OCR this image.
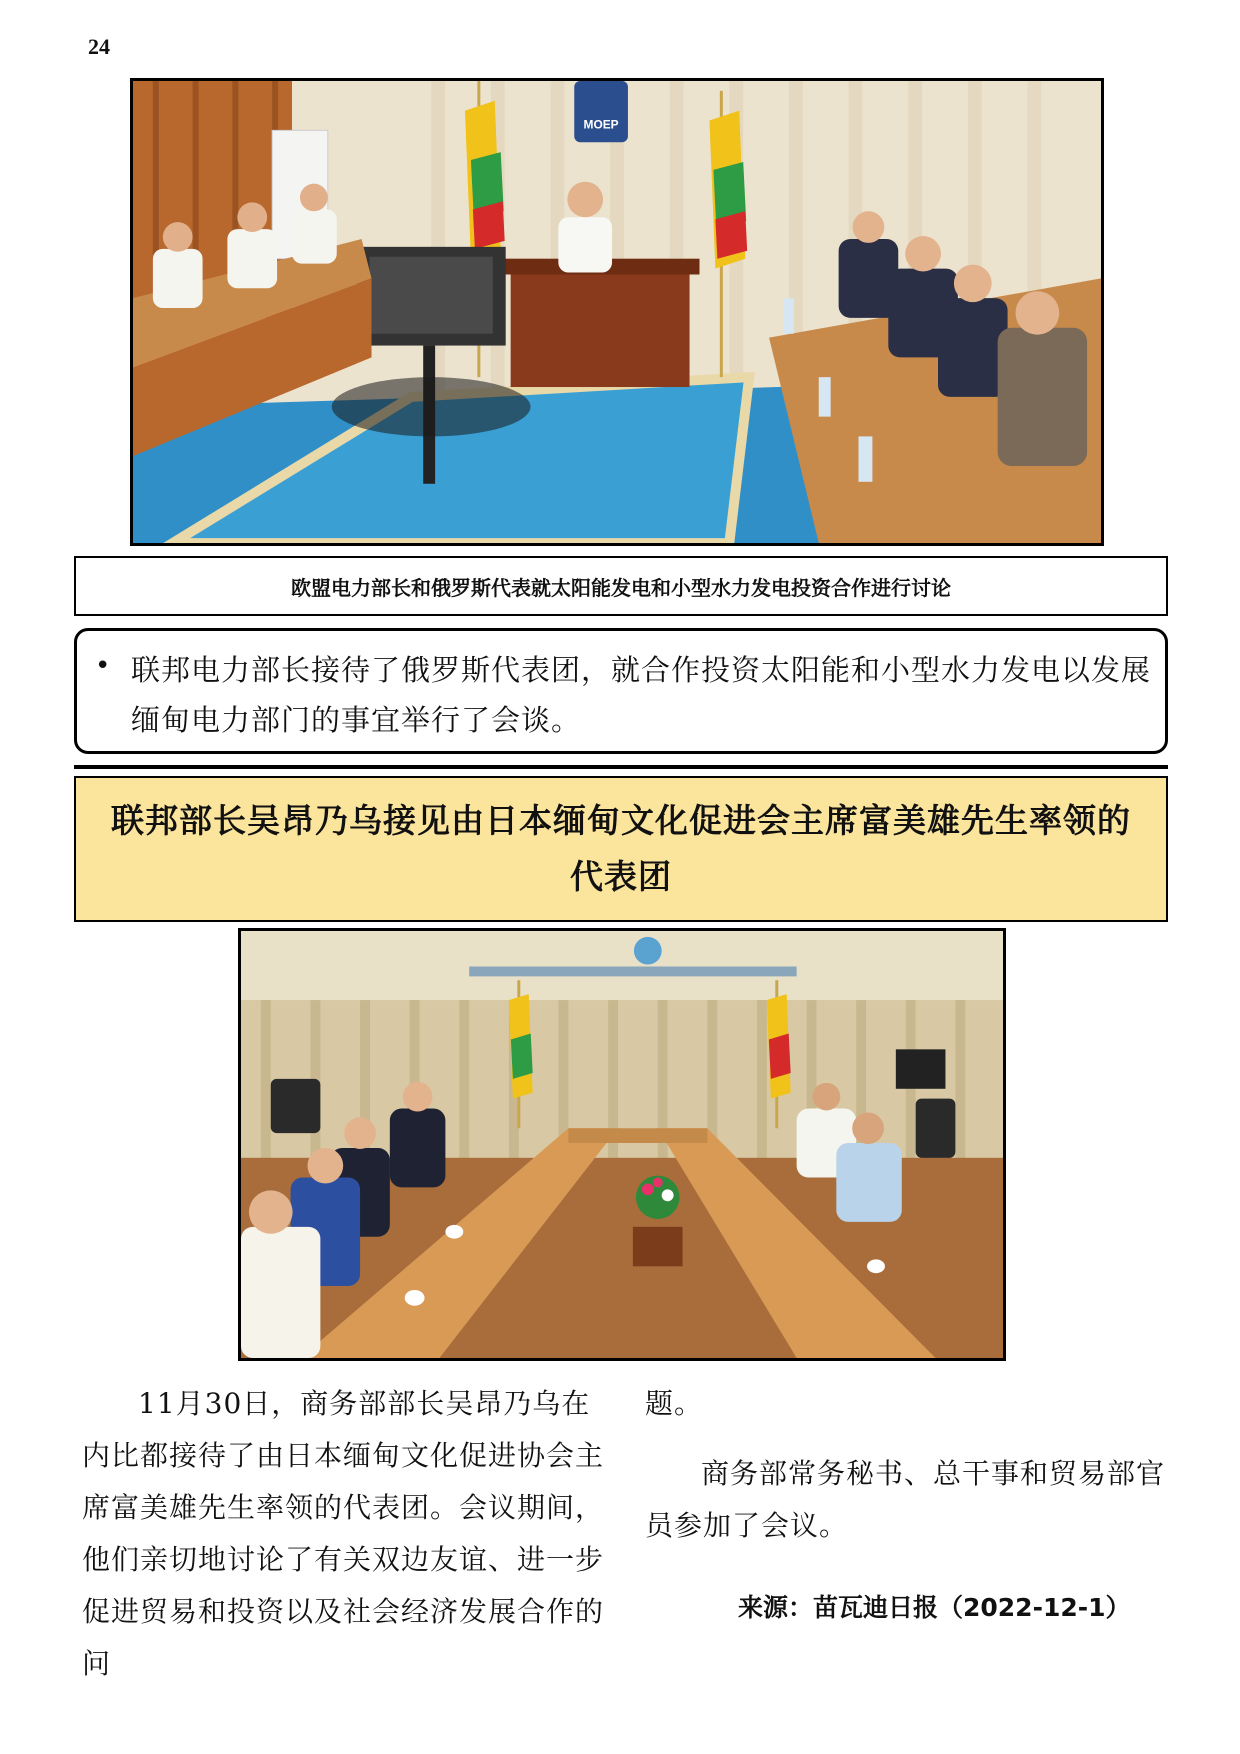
24
MOEP
欧盟电力部长和俄罗斯代表就太阳能发电和小型水力发电投资合作进行讨论
• 联邦电力部长接待了俄罗斯代表团，就合作投资太阳能和小型水力发电以发展缅甸电力部门的事宜举行了会谈。
联邦部长吴昂乃乌接见由日本缅甸文化促进会主席富美雄先生率领的代表团

11月30日，商务部部长吴昂乃乌在内比都接待了由日本缅甸文化促进协会主席富美雄先生率领的代表团。会议期间，他们亲切地讨论了有关双边友谊、进一步促进贸易和投资以及社会经济发展合作的问

题。

商务部常务秘书、总干事和贸易部官员参加了会议。

来源：苗瓦迪日报（2022-12-1）
